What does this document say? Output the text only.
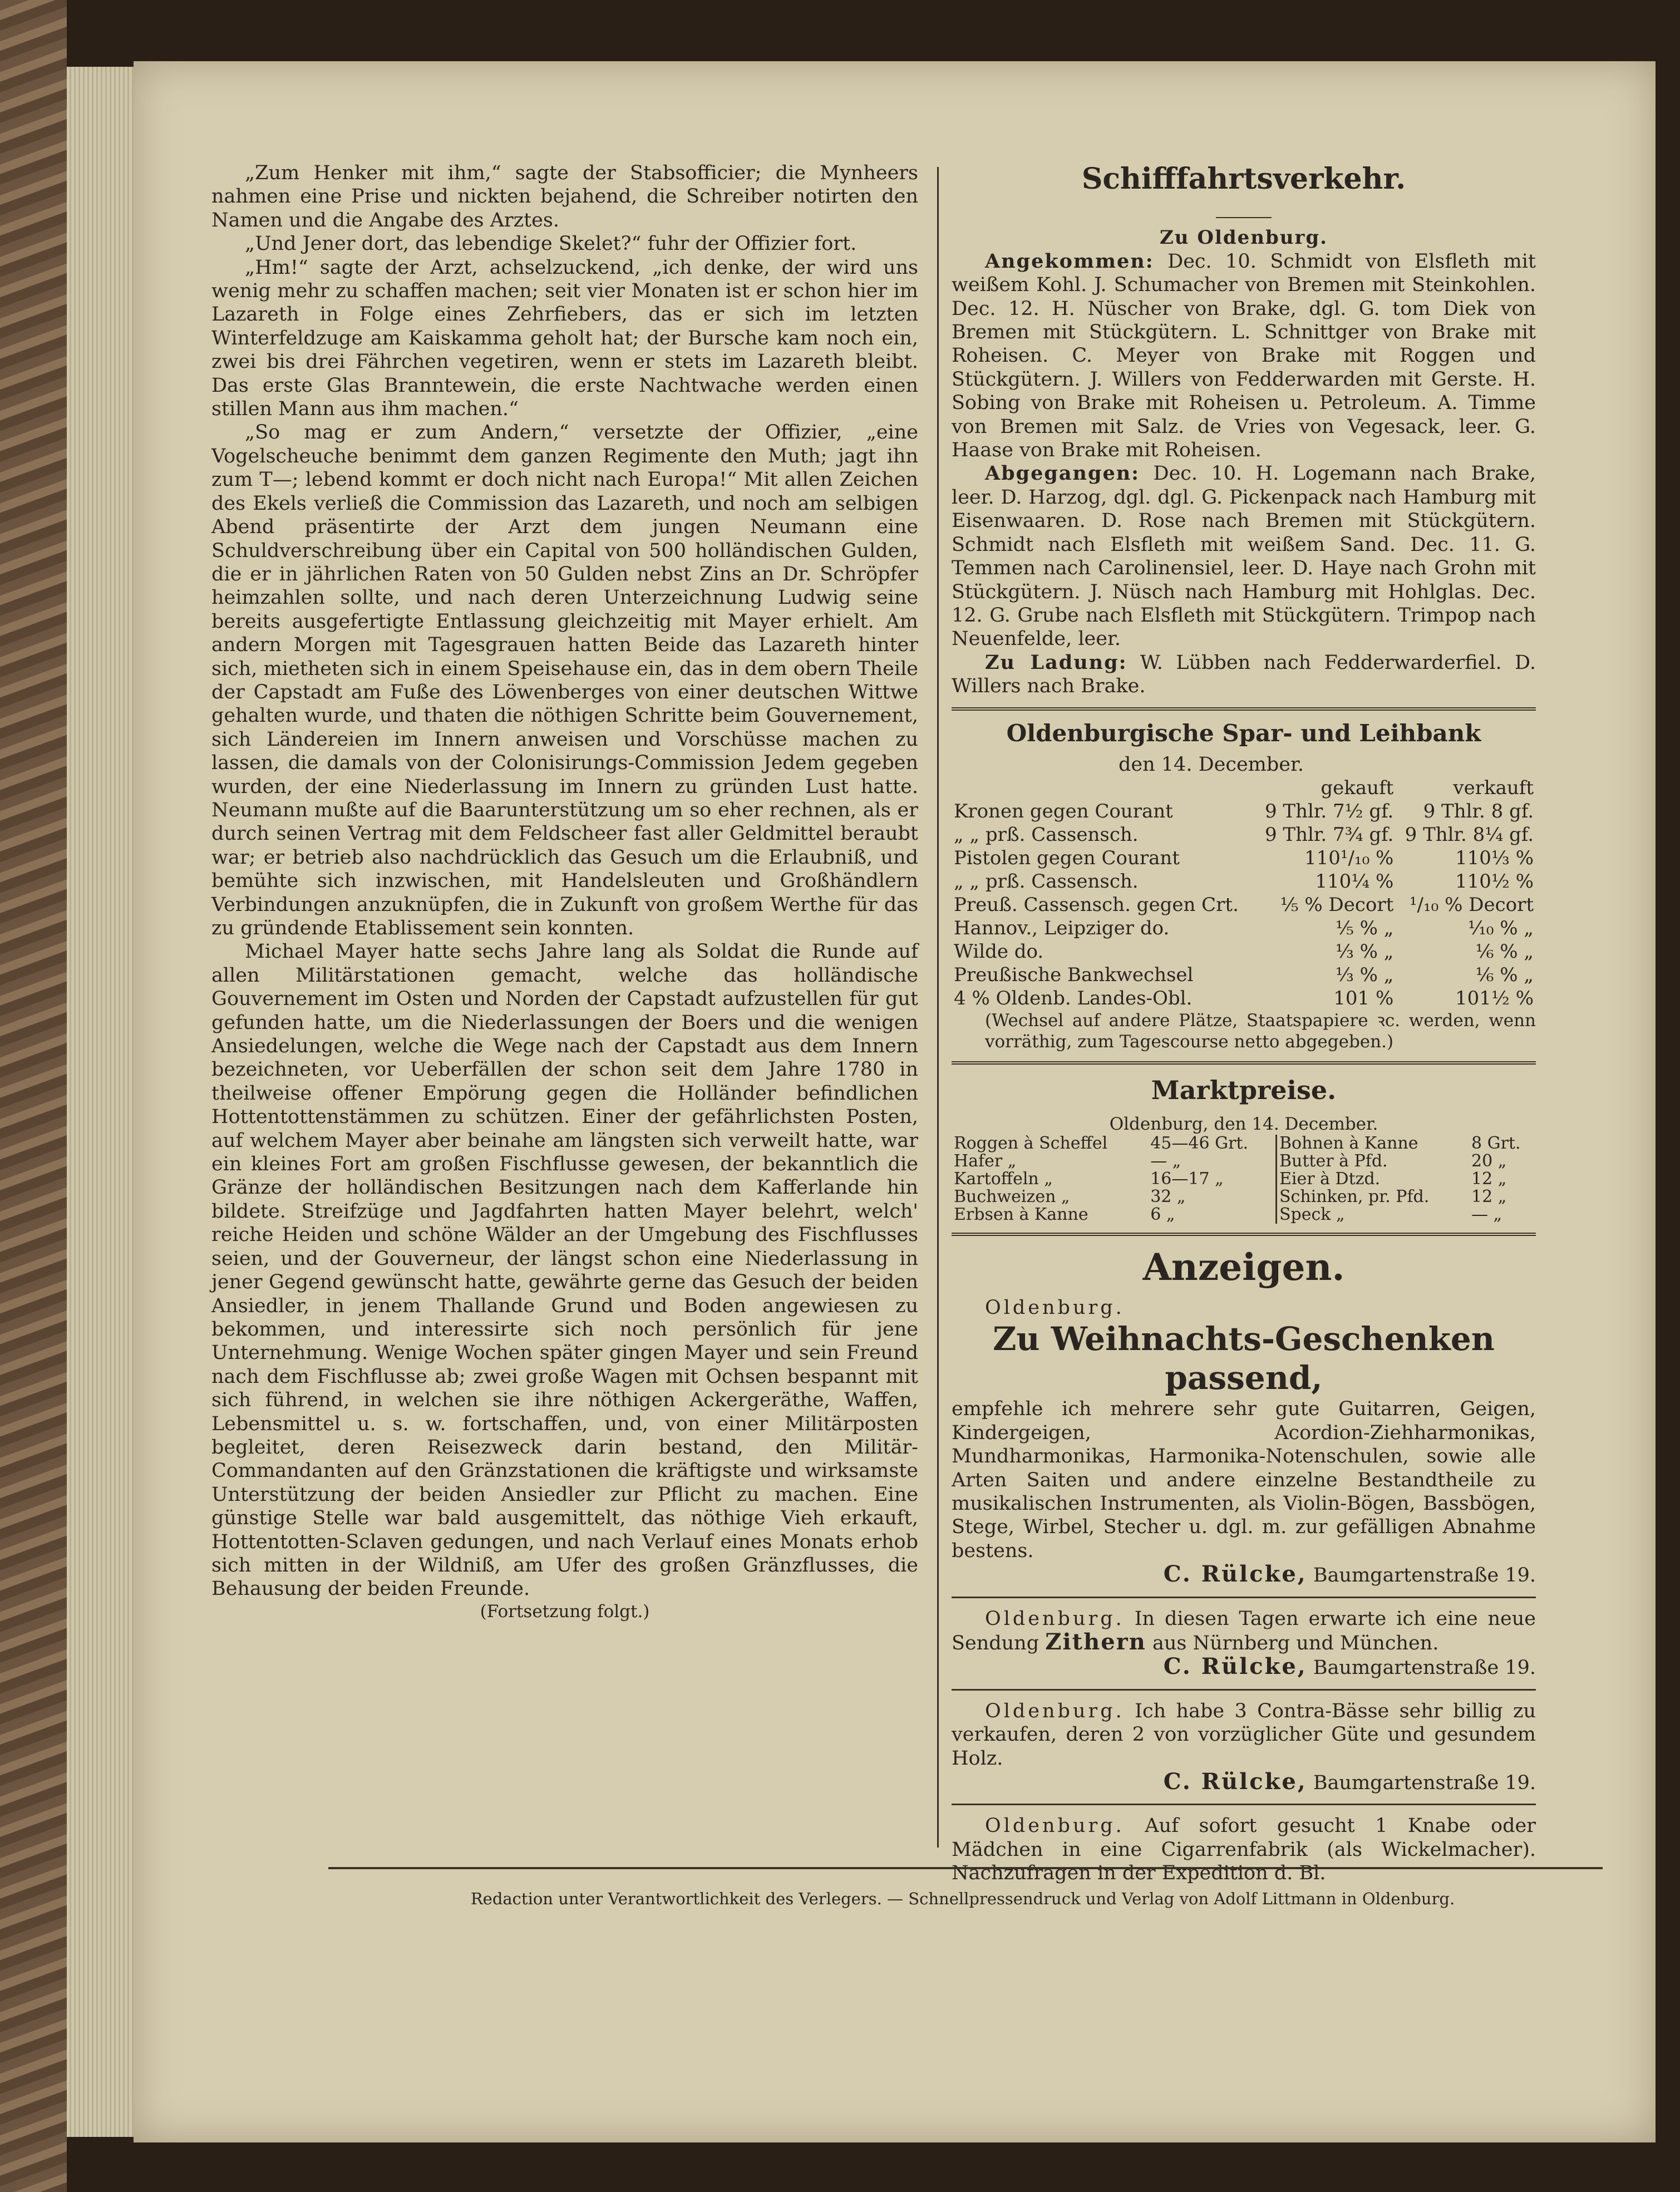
„Zum Henker mit ihm,“ sagte der Stabsofficier; die Mynheers nahmen eine Prise und nickten bejahend, die Schreiber notirten den Namen und die Angabe des Arztes.

„Und Jener dort, das lebendige Skelet?“ fuhr der Offizier fort.

„Hm!“ sagte der Arzt, achselzuckend, „ich denke, der wird uns wenig mehr zu schaffen machen; seit vier Monaten ist er schon hier im Lazareth in Folge eines Zehrfiebers, das er sich im letzten Winterfeldzuge am Kaiskamma geholt hat; der Bursche kam noch ein, zwei bis drei Fährchen vegetiren, wenn er stets im Lazareth bleibt. Das erste Glas Branntewein, die erste Nachtwache werden einen stillen Mann aus ihm machen.“

„So mag er zum Andern,“ versetzte der Offizier, „eine Vogelscheuche benimmt dem ganzen Regimente den Muth; jagt ihn zum T—; lebend kommt er doch nicht nach Europa!“ Mit allen Zeichen des Ekels verließ die Commission das Lazareth, und noch am selbigen Abend präsentirte der Arzt dem jungen Neumann eine Schuldverschreibung über ein Capital von 500 holländischen Gulden, die er in jährlichen Raten von 50 Gulden nebst Zins an Dr. Schröpfer heimzahlen sollte, und nach deren Unterzeichnung Ludwig seine bereits ausgefertigte Entlassung gleichzeitig mit Mayer erhielt. Am andern Morgen mit Tagesgrauen hatten Beide das Lazareth hinter sich, mietheten sich in einem Speisehause ein, das in dem obern Theile der Capstadt am Fuße des Löwenberges von einer deutschen Wittwe gehalten wurde, und thaten die nöthigen Schritte beim Gouvernement, sich Ländereien im Innern anweisen und Vorschüsse machen zu lassen, die damals von der Colonisirungs-Commission Jedem gegeben wurden, der eine Niederlassung im Innern zu gründen Lust hatte. Neumann mußte auf die Baarunterstützung um so eher rechnen, als er durch seinen Vertrag mit dem Feldscheer fast aller Geldmittel beraubt war; er betrieb also nachdrücklich das Gesuch um die Erlaubniß, und bemühte sich inzwischen, mit Handelsleuten und Großhändlern Verbindungen anzuknüpfen, die in Zukunft von großem Werthe für das zu gründende Etablissement sein konnten.

Michael Mayer hatte sechs Jahre lang als Soldat die Runde auf allen Militärstationen gemacht, welche das holländische Gouvernement im Osten und Norden der Capstadt aufzustellen für gut gefunden hatte, um die Niederlassungen der Boers und die wenigen Ansiedelungen, welche die Wege nach der Capstadt aus dem Innern bezeichneten, vor Ueberfällen der schon seit dem Jahre 1780 in theilweise offener Empörung gegen die Holländer befindlichen Hottentottenstämmen zu schützen. Einer der gefährlichsten Posten, auf welchem Mayer aber beinahe am längsten sich verweilt hatte, war ein kleines Fort am großen Fischflusse gewesen, der bekanntlich die Gränze der holländischen Besitzungen nach dem Kafferlande hin bildete. Streifzüge und Jagdfahrten hatten Mayer belehrt, welch' reiche Heiden und schöne Wälder an der Umgebung des Fischflusses seien, und der Gouverneur, der längst schon eine Niederlassung in jener Gegend gewünscht hatte, gewährte gerne das Gesuch der beiden Ansiedler, in jenem Thallande Grund und Boden angewiesen zu bekommen, und interessirte sich noch persönlich für jene Unternehmung. Wenige Wochen später gingen Mayer und sein Freund nach dem Fischflusse ab; zwei große Wagen mit Ochsen bespannt mit sich führend, in welchen sie ihre nöthigen Ackergeräthe, Waffen, Lebensmittel u. s. w. fortschaffen, und, von einer Militärposten begleitet, deren Reisezweck darin bestand, den Militär-Commandanten auf den Gränzstationen die kräftigste und wirksamste Unterstützung der beiden Ansiedler zur Pflicht zu machen. Eine günstige Stelle war bald ausgemittelt, das nöthige Vieh erkauft, Hottentotten-Sclaven gedungen, und nach Verlauf eines Monats erhob sich mitten in der Wildniß, am Ufer des großen Gränzflusses, die Behausung der beiden Freunde.

(Fortsetzung folgt.)
Schifffahrtsverkehr.
Zu Oldenburg.

Angekommen: Dec. 10. Schmidt von Elsfleth mit weißem Kohl. J. Schumacher von Bremen mit Steinkohlen. Dec. 12. H. Nüscher von Brake, dgl. G. tom Diek von Bremen mit Stückgütern. L. Schnittger von Brake mit Roheisen. C. Meyer von Brake mit Roggen und Stückgütern. J. Willers von Fedderwarden mit Gerste. H. Sobing von Brake mit Roheisen u. Petroleum. A. Timme von Bremen mit Salz. de Vries von Vegesack, leer. G. Haase von Brake mit Roheisen.

Abgegangen: Dec. 10. H. Logemann nach Brake, leer. D. Harzog, dgl. dgl. G. Pickenpack nach Hamburg mit Eisenwaaren. D. Rose nach Bremen mit Stückgütern. Schmidt nach Elsfleth mit weißem Sand. Dec. 11. G. Temmen nach Carolinensiel, leer. D. Haye nach Grohn mit Stückgütern. J. Nüsch nach Hamburg mit Hohlglas. Dec. 12. G. Grube nach Elsfleth mit Stückgütern. Trimpop nach Neuenfelde, leer.

Zu Ladung: W. Lübben nach Fedderwarderfiel. D. Willers nach Brake.

Oldenburgische Spar- und Leihbank
den 14. December.
	gekauft	verkauft
Kronen gegen Courant	9 Thlr. 7½ gf.	9 Thlr. 8 gf.
„ „ prß. Cassensch.	9 Thlr. 7¾ gf.	9 Thlr. 8¼ gf.
Pistolen gegen Courant	110¹/₁₀ %	110⅓ %
„ „ prß. Cassensch.	110¼ %	110½ %
Preuß. Cassensch. gegen Crt.	⅕ % Decort	¹/₁₀ % Decort
Hannov., Leipziger do.	⅕ % „	⅒ % „
Wilde do.	⅓ % „	⅙ % „
Preußische Bankwechsel	⅓ % „	⅙ % „
4 % Oldenb. Landes-Obl.	101 %	101½ %
(Wechsel auf andere Plätze, Staatspapiere ꝛc. werden, wenn vorräthig, zum Tagescourse netto abgegeben.)
Marktpreise.
Oldenburg, den 14. December.
Roggen à Scheffel	45—46 Grt.	Bohnen à Kanne	8 Grt.
Hafer „	— „	Butter à Pfd.	20 „
Kartoffeln „	16—17 „	Eier à Dtzd.	12 „
Buchweizen „	32 „	Schinken, pr. Pfd.	12 „
Erbsen à Kanne	6 „	Speck „	— „
Anzeigen.
Oldenburg.
Zu Weihnachts-Geschenken passend,

empfehle ich mehrere sehr gute Guitarren, Geigen, Kindergeigen, Acordion-Ziehharmonikas, Mundharmonikas, Harmonika-Notenschulen, sowie alle Arten Saiten und andere einzelne Bestandtheile zu musikalischen Instrumenten, als Violin-Bögen, Bassbögen, Stege, Wirbel, Stecher u. dgl. m. zur gefälligen Abnahme bestens.

C. Rülcke, Baumgartenstraße 19.

Oldenburg. In diesen Tagen erwarte ich eine neue Sendung Zithern aus Nürnberg und München.

C. Rülcke, Baumgartenstraße 19.

Oldenburg. Ich habe 3 Contra-Bässe sehr billig zu verkaufen, deren 2 von vorzüglicher Güte und gesundem Holz.

C. Rülcke, Baumgartenstraße 19.

Oldenburg. Auf sofort gesucht 1 Knabe oder Mädchen in eine Cigarrenfabrik (als Wickelmacher). Nachzufragen in der Expedition d. Bl.

Redaction unter Verantwortlichkeit des Verlegers. — Schnellpressendruck und Verlag von Adolf Littmann in Oldenburg.
